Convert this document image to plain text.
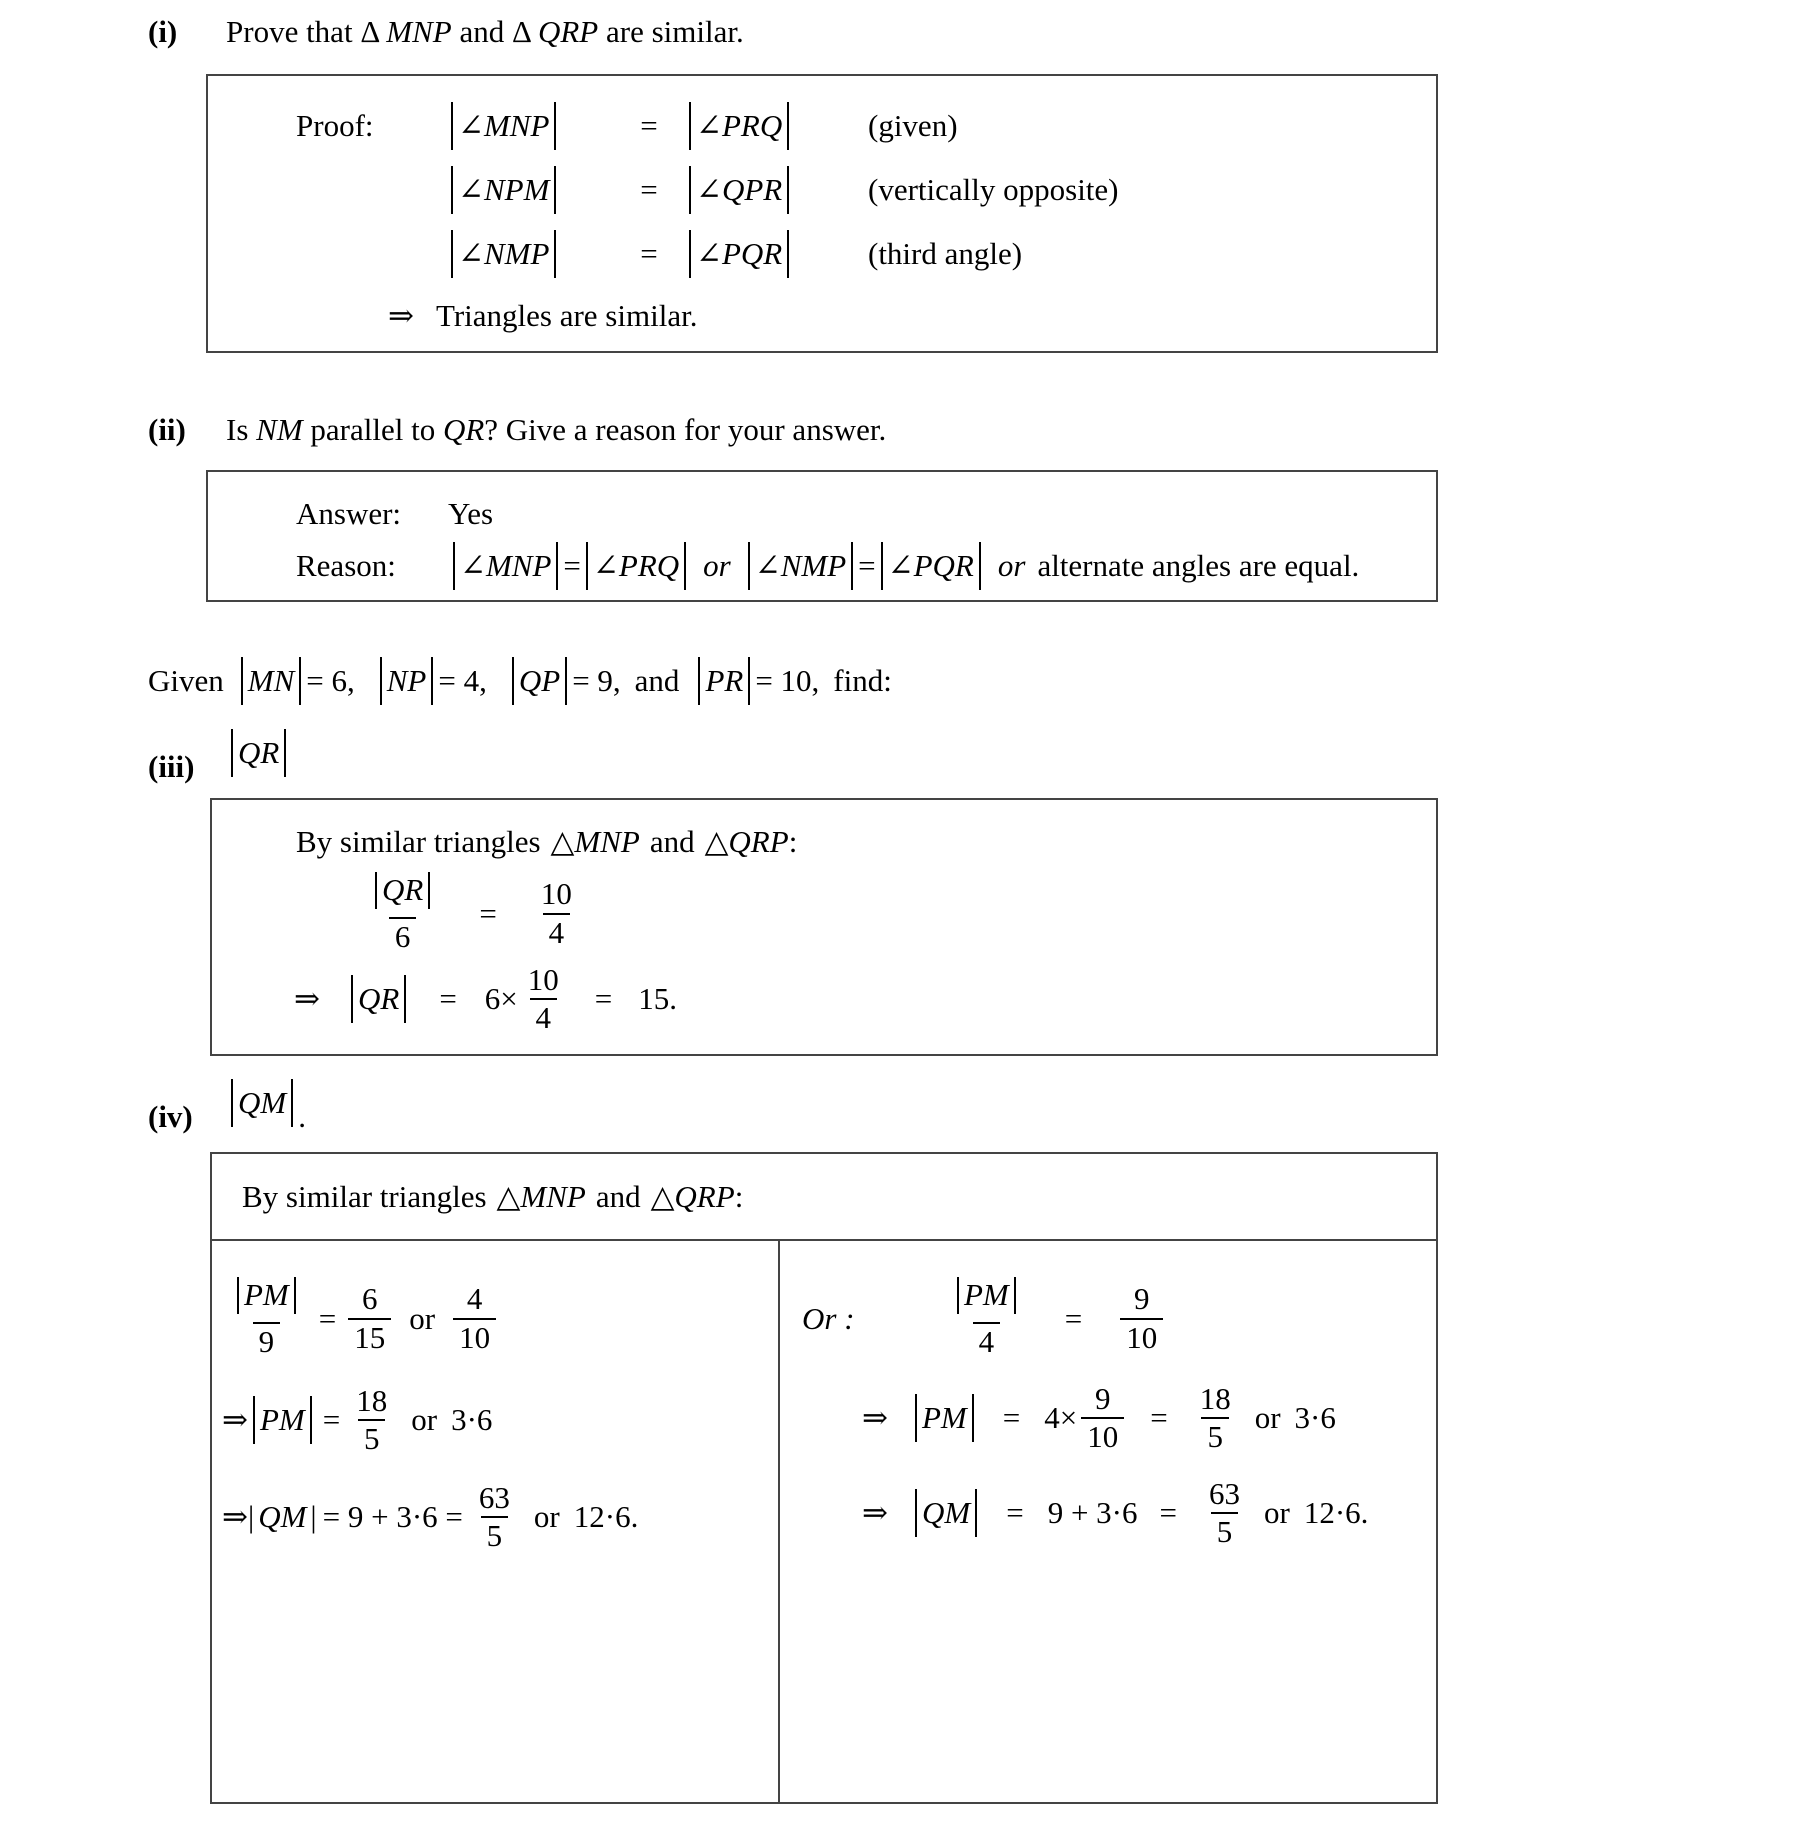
(i)	Prove that Δ MNP and Δ QRP are similar.
Proof:	∠MNP	=	∠PRQ	(given)
∠NPM	=	∠QPR	(vertically opposite)
∠NMP	=	∠PQR	(third angle)
⇒ Triangles are similar.
(ii)	Is NM parallel to QR? Give a reason for your answer.
Answer:	Yes
Reason:	∠MNP = ∠PRQ or ∠NMP = ∠PQR or alternate angles are equal.
Given MN = 6, NP = 4, QP = 9, and PR = 10, find:
(iii)	QR
By similar triangles △ MNP and △ QRP :
$\frac{QR}{6} = \frac{10}{4}$
⇒ QR = $6\times \frac{10}{4} = 15$.
(iv)	QM .
By similar triangles △ MNP and △ QRP :
$\frac{PM}{9} = \frac{6}{15}$ or $\frac{4}{10}$
⇒ PM = $\frac{18}{5}$ or 3·6
⇒ | QM | = $9 + 3\cdot 6 = \frac{63}{5}$ or 12·6.
Or :	$\frac{PM}{4} = \frac{9}{10}$
⇒ PM = $4\times \frac{9}{10} = \frac{18}{5}$ or 3·6
⇒ QM = $9 + 3\cdot 6 = \frac{63}{5}$ or 12·6.
